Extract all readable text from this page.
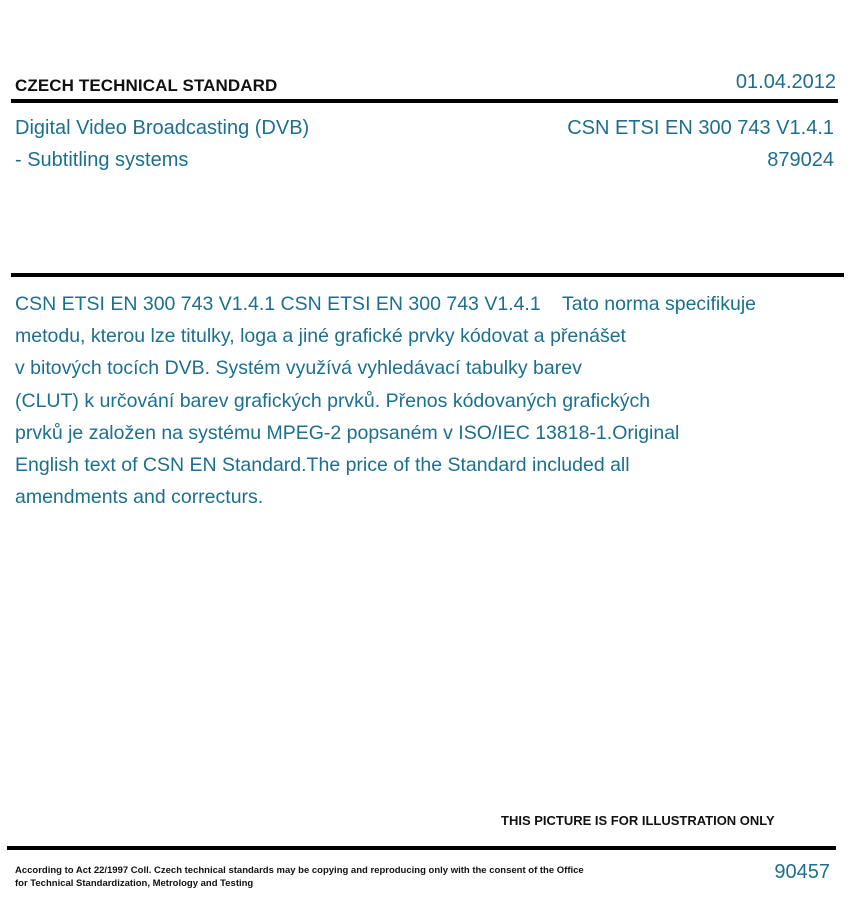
CZECH TECHNICAL STANDARD	01.04.2012
Digital Video Broadcasting (DVB)
- Subtitling systems
CSN ETSI EN 300 743 V1.4.1
879024
CSN ETSI EN 300 743 V1.4.1 CSN ETSI EN 300 743 V1.4.1    Tato norma specifikuje
metodu, kterou lze titulky, loga a jiné grafické prvky kódovat a přenášet
v bitových tocích DVB. Systém využívá vyhledávací tabulky barev
(CLUT) k určování barev grafických prvků. Přenos kódovaných grafických
prvků je založen na systému MPEG-2 popsaném v ISO/IEC 13818-1.Original
English text of CSN EN Standard.The price of the Standard included all
amendments and correcturs.
THIS PICTURE IS FOR ILLUSTRATION ONLY
According to Act 22/1997 Coll. Czech technical standards may be copying and reproducing only with the consent of the Office
for Technical Standardization, Metrology and Testing
90457
